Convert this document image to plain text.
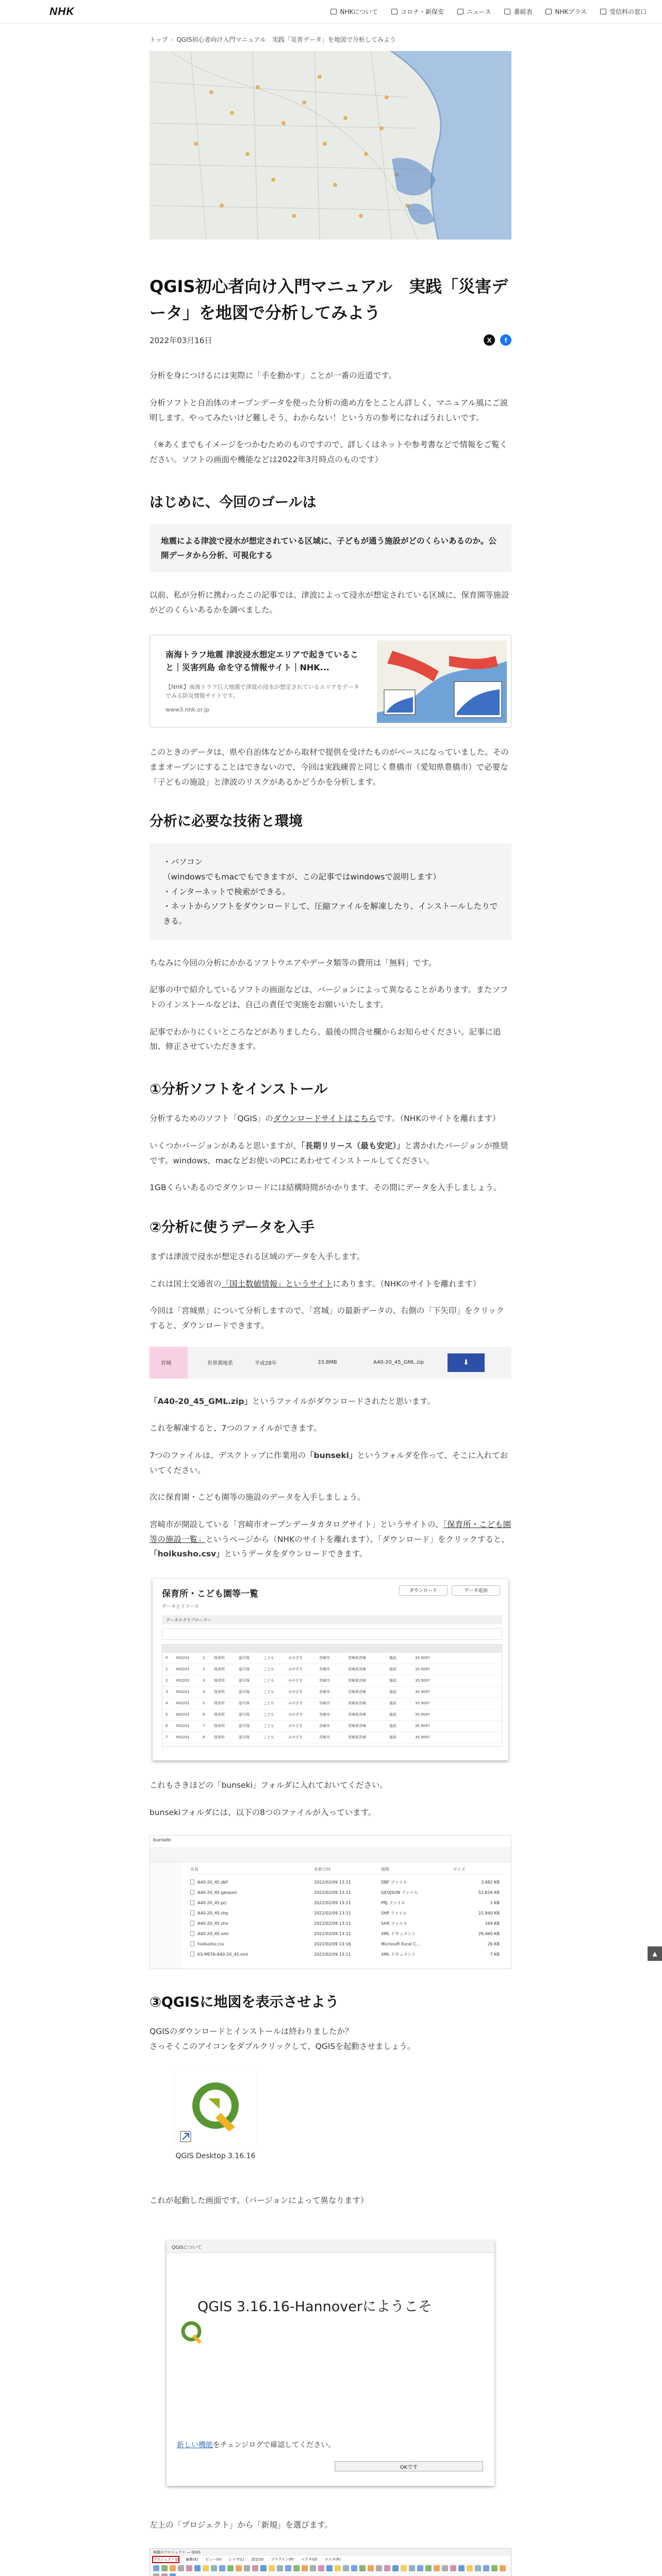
NHK	NHKについて	コロナ・新保安	ニュース	番組表	NHKプラス	受信料の窓口
トップ › QGIS初心者向け入門マニュアル　実践「災害データ」を地図で分析してみよう
QGIS初心者向け入門マニュアル　実践「災害データ」を地図で分析してみよう
2022年03月16日	X	f

分析を身につけるには実際に「手を動かす」ことが一番の近道です。

分析ソフトと自治体のオープンデータを使った分析の進め方をとことん詳しく、マニュアル風にご説明します。やってみたいけど難しそう、わからない！という方の参考になればうれしいです。

（※あくまでもイメージをつかむためのものですので、詳しくはネットや参考書などで情報をご覧ください。ソフトの画面や機能などは2022年3月時点のものです）

はじめに、今回のゴールは
地震による津波で浸水が想定されている区域に、子どもが通う施設がどのくらいあるのか。公開データから分析、可視化する

以前、私が分析に携わったこの記事では、津波によって浸水が想定されている区域に、保育園等施設がどのくらいあるかを調べました。

南海トラフ地震 津波浸水想定エリアで起きていること｜災害列島 命を守る情報サイト｜NHK...
【NHK】南海トラフ巨大地震で津波の浸水が想定されているエリアをデータでみる防災情報サイトです。
www3.nhk.or.jp

このときのデータは、県や自治体などから取材で提供を受けたものがベースになっていました。そのままオープンにすることはできないので、今回は実践練習と同じく豊橋市（愛知県豊橋市）で必要な「子どもの施設」と津波のリスクがあるかどうかを分析します。

分析に必要な技術と環境
・パソコン
（windowsでもmacでもできますが、この記事ではwindowsで説明します）
・インターネットで検索ができる。
・ネットからソフトをダウンロードして、圧縮ファイルを解凍したり、インストールしたりできる。

ちなみに今回の分析にかかるソフトウエアやデータ類等の費用は「無料」です。

記事の中で紹介しているソフトの画面などは、バージョンによって異なることがあります。またソフトのインストールなどは、自己の責任で実施をお願いいたします。

記事でわかりにくいところなどがありましたら、最後の問合せ欄からお知らせください。記事に追加、修正させていただきます。

①分析ソフトをインストール

分析するためのソフト「QGIS」のダウンロードサイトはこちらです。（NHKのサイトを離れます）

いくつかバージョンがあると思いますが、「長期リリース（最も安定）」と書かれたバージョンが推奨です。windows、macなどお使いのPCにあわせてインストールしてください。

1GBくらいあるのでダウンロードには結構時間がかかります。その間にデータを入手しましょう。

②分析に使うデータを入手

まずは津波で浸水が想定される区域のデータを入手します。

これは国土交通省の「国土数値情報」というサイトにあります。（NHKのサイトを離れます）

今回は「宮城県」について分析しますので、「宮城」の最新データの、右側の「下矢印」をクリックすると、ダウンロードできます。

宮城	世界測地系	平成28年	33.8MB	A40-20_45_GML.zip	⬇

「A40-20_45_GML.zip」というファイルがダウンロードされたと思います。

これを解凍すると、7つのファイルができます。

7つのファイルは、デスクトップに作業用の「bunseki」というフォルダを作って、そこに入れておいてください。

次に保育園・こども園等の施設のデータを入手しましょう。

宮崎市が開設している「宮崎市オープンデータカタログサイト」というサイトの、「保育所・こども園等の施設一覧」というページから（NHKのサイトを離れます）、「ダウンロード」をクリックすると、「hoikusho.csv」というデータをダウンロードできます。

保育所・こども園等一覧	ダウンロード	データ追加
データとリソース
データエクスプローラー
0	450201	1	保育所	認可保	こども	みやざき	宮崎市	宮崎県宮崎	施設	35.9097
1	450201	2	保育所	認可保	こども	みやざき	宮崎市	宮崎県宮崎	施設	35.9097
2	450201	3	保育所	認可保	こども	みやざき	宮崎市	宮崎県宮崎	施設	35.9097
3	450201	4	保育所	認可保	こども	みやざき	宮崎市	宮崎県宮崎	施設	35.9097
4	450201	5	保育所	認可保	こども	みやざき	宮崎市	宮崎県宮崎	施設	35.9097
5	450201	6	保育所	認可保	こども	みやざき	宮崎市	宮崎県宮崎	施設	35.9097
6	450201	7	保育所	認可保	こども	みやざき	宮崎市	宮崎県宮崎	施設	35.9097
7	450201	8	保育所	認可保	こども	みやざき	宮崎市	宮崎県宮崎	施設	35.9097

これもさきほどの「bunseki」フォルダに入れておいてください。

bunsekiフォルダには、以下の8つのファイルが入っています。

bunseki
名前	更新日時	種類	サイズ
A40-20_45.dbf	2022/02/09 13:11	DBF ファイル	3,482 KB
A40-20_45.geojson	2022/02/09 13:11	GEOJSON ファイル	52,616 KB
A40-20_45.prj	2022/02/09 13:11	PRJ ファイル	1 KB
A40-20_45.shp	2022/02/09 13:11	SHP ファイル	22,940 KB
A40-20_45.shx	2022/02/09 13:11	SHX ファイル	164 KB
A40-20_45.xml	2022/02/09 13:11	XML ドキュメント	29,460 KB
hoikusho.csv	2022/02/09 13:16	Microsoft Excel C...	26 KB
KS-META-A40-20_45.xml	2022/02/09 13:11	XML ドキュメント	7 KB
③QGISに地図を表示させよう

QGISのダウンロードとインストールは終わりましたか？
さっそくこのアイコンをダブルクリックして、QGISを起動させましょう。

QGIS Desktop 3.16.16

これが起動した画面です。（バージョンによって異なります）

QGISについて
QGIS 3.16.16-Hannoverにようこそ
新しい機能をチェンジログで確認してください。
OKです

左上の「プロジェクト」から「新規」を選びます。

無題のプロジェクト — QGIS
プロジェクト(J) 編集(E) ビュー(V) レイヤ(L) 設定(S) プラグイン(P) ベクタ(O) ラスタ(R)
▲
